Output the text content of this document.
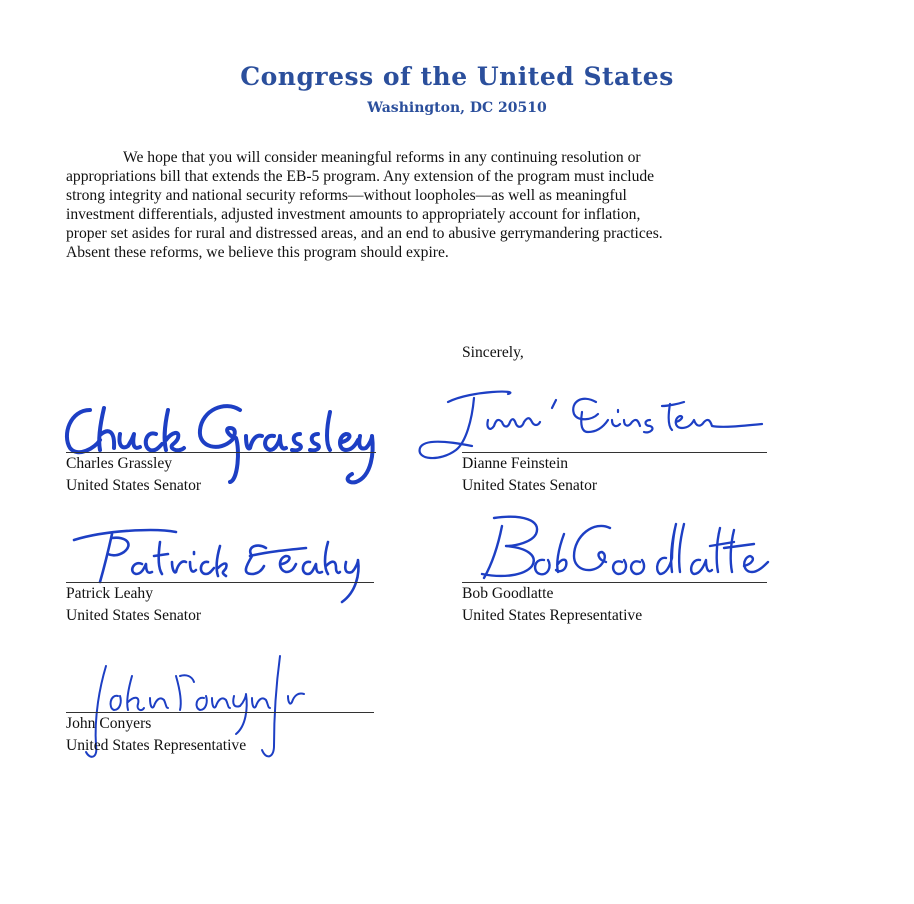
Congress of the United States
Washington, DC 20510
We hope that you will consider meaningful reforms in any continuing resolution or
appropriations bill that extends the EB-5 program. Any extension of the program must include
strong integrity and national security reforms—without loopholes—as well as meaningful
investment differentials, adjusted investment amounts to appropriately account for inflation,
proper set asides for rural and distressed areas, and an end to abusive gerrymandering practices.
Absent these reforms, we believe this program should expire.
Sincerely,
Charles Grassley
United States Senator
Dianne Feinstein
United States Senator
Patrick Leahy
United States Senator
Bob Goodlatte
United States Representative
John Conyers
United States Representative
